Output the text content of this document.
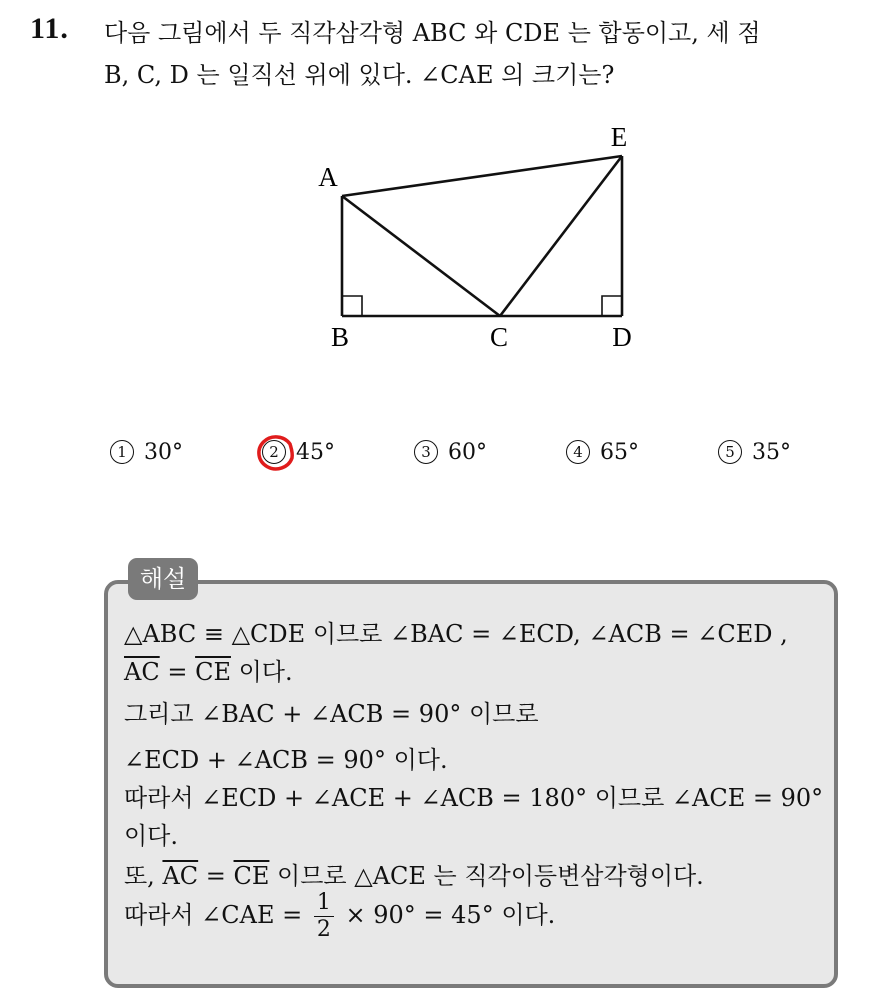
11. 다음 그림에서 두 직각삼각형 ABC 와 CDE 는 합동이고, 세 점
B, C, D 는 일직선 위에 있다. ∠CAE 의 크기는?
A
B	C	D
E
1 30°	2 45°	3 60°	4 65°	5 35°
해설
△ABC ≡ △CDE 이므로 ∠BAC = ∠ECD, ∠ACB = ∠CED ,
$\overline{AC} = \overline{CE}$ 이다.
그리고 ∠BAC + ∠ACB = 90° 이므로
∠ECD + ∠ACB = 90° 이다.
따라서 ∠ECD + ∠ACE + ∠ACB = 180° 이므로 ∠ACE = 90°
이다.
또, $\overline{AC} = \overline{CE}$ 이므로 △ACE 는 직각이등변삼각형이다.
따라서 ∠CAE = $\frac{1}{2} \times 90^\circ = 45^\circ$ 이다.
